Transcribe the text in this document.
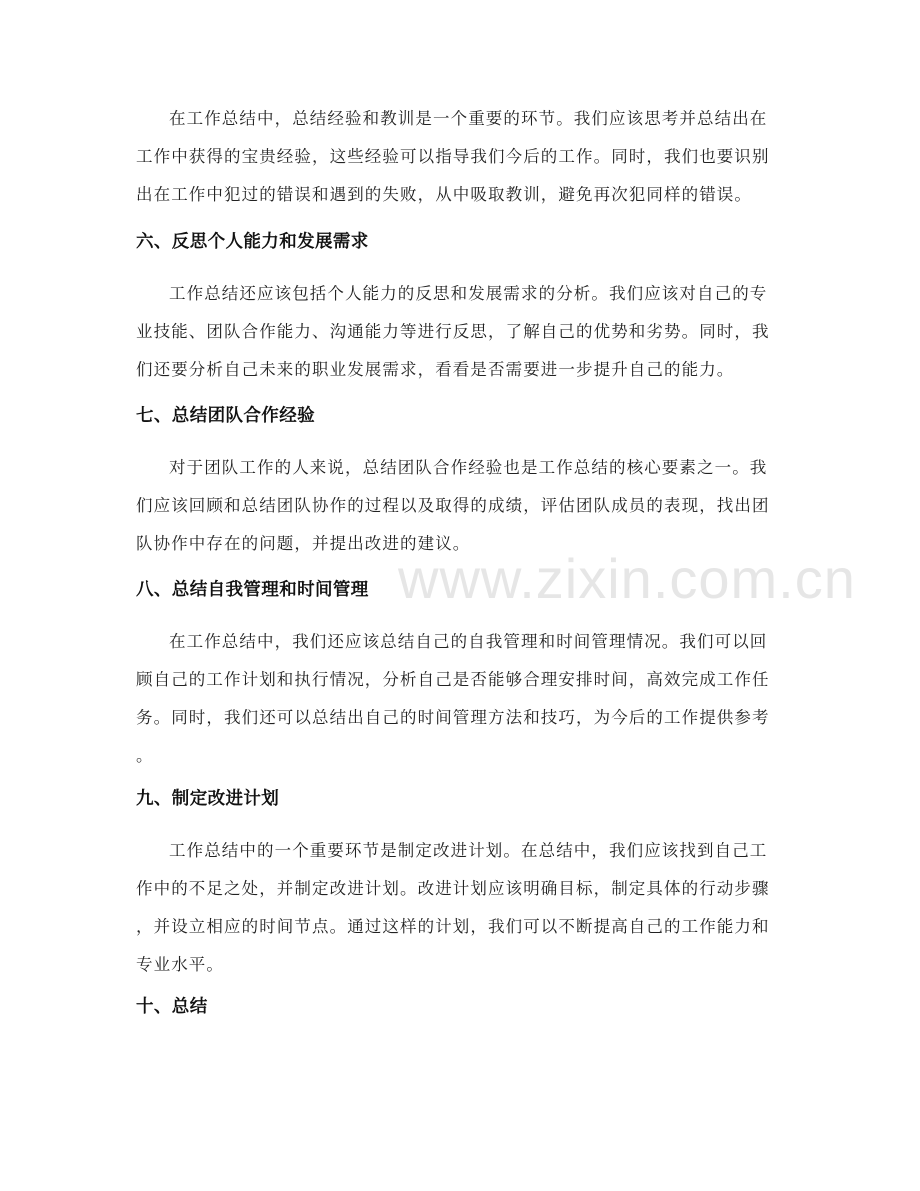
www.zixin.com.cn
在工作总结中，总结经验和教训是一个重要的环节。我们应该思考并总结出在
工作中获得的宝贵经验，这些经验可以指导我们今后的工作。同时，我们也要识别
出在工作中犯过的错误和遇到的失败，从中吸取教训，避免再次犯同样的错误。
六、反思个人能力和发展需求
工作总结还应该包括个人能力的反思和发展需求的分析。我们应该对自己的专
业技能、团队合作能力、沟通能力等进行反思，了解自己的优势和劣势。同时，我
们还要分析自己未来的职业发展需求，看看是否需要进一步提升自己的能力。
七、总结团队合作经验
对于团队工作的人来说，总结团队合作经验也是工作总结的核心要素之一。我
们应该回顾和总结团队协作的过程以及取得的成绩，评估团队成员的表现，找出团
队协作中存在的问题，并提出改进的建议。
八、总结自我管理和时间管理
在工作总结中，我们还应该总结自己的自我管理和时间管理情况。我们可以回
顾自己的工作计划和执行情况，分析自己是否能够合理安排时间，高效完成工作任
务。同时，我们还可以总结出自己的时间管理方法和技巧，为今后的工作提供参考
。
九、制定改进计划
工作总结中的一个重要环节是制定改进计划。在总结中，我们应该找到自己工
作中的不足之处，并制定改进计划。改进计划应该明确目标，制定具体的行动步骤
，并设立相应的时间节点。通过这样的计划，我们可以不断提高自己的工作能力和
专业水平。
十、总结
